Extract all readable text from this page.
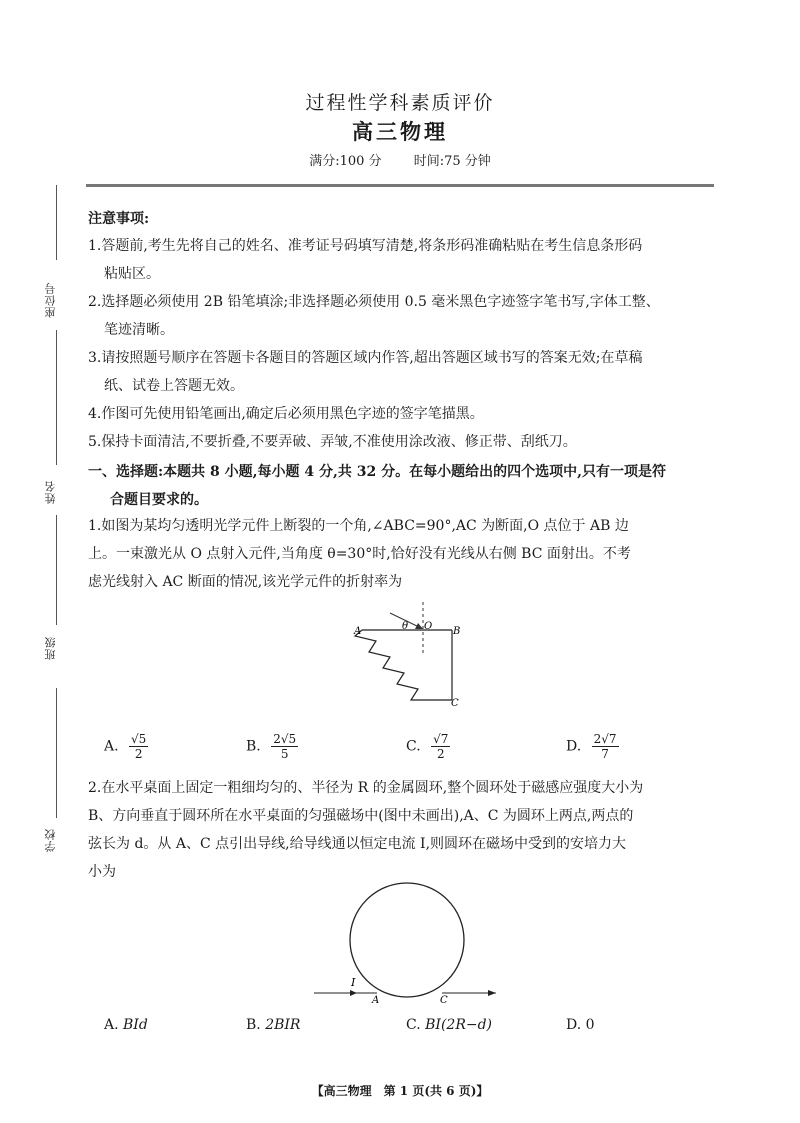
过程性学科素质评价
高三物理
满分:100 分 时间:75 分钟
座位号
姓名
班级
学校
注意事项:
1.答题前,考生先将自己的姓名、准考证号码填写清楚,将条形码准确粘贴在考生信息条形码
粘贴区。
2.选择题必须使用 2B 铅笔填涂;非选择题必须使用 0.5 毫米黑色字迹签字笔书写,字体工整、
笔迹清晰。
3.请按照题号顺序在答题卡各题目的答题区域内作答,超出答题区域书写的答案无效;在草稿
纸、试卷上答题无效。
4.作图可先使用铅笔画出,确定后必须用黑色字迹的签字笔描黑。
5.保持卡面清洁,不要折叠,不要弄破、弄皱,不准使用涂改液、修正带、刮纸刀。
一、选择题:本题共 8 小题,每小题 4 分,共 32 分。在每小题给出的四个选项中,只有一项是符
合题目要求的。
1.如图为某均匀透明光学元件上断裂的一个角,∠ABC=90°,AC 为断面,O 点位于 AB 边
上。一束激光从 O 点射入元件,当角度 θ=30°时,恰好没有光线从右侧 BC 面射出。不考
虑光线射入 AC 断面的情况,该光学元件的折射率为
A	θ O B
C
A. $\frac{√5}{2}$	B. $\frac{2√5}{5}$	C. $\frac{√7}{2}$	D. $\frac{2√7}{7}$
2.在水平桌面上固定一粗细均匀的、半径为 R 的金属圆环,整个圆环处于磁感应强度大小为
B、方向垂直于圆环所在水平桌面的匀强磁场中(图中未画出),A、C 为圆环上两点,两点的
弦长为 d。从 A、C 点引出导线,给导线通以恒定电流 I,则圆环在磁场中受到的安培力大
小为
I
A	C
A. BId	B. 2BIR	C. BI(2R−d)	D. 0
【高三物理　第 1 页(共 6 页)】
